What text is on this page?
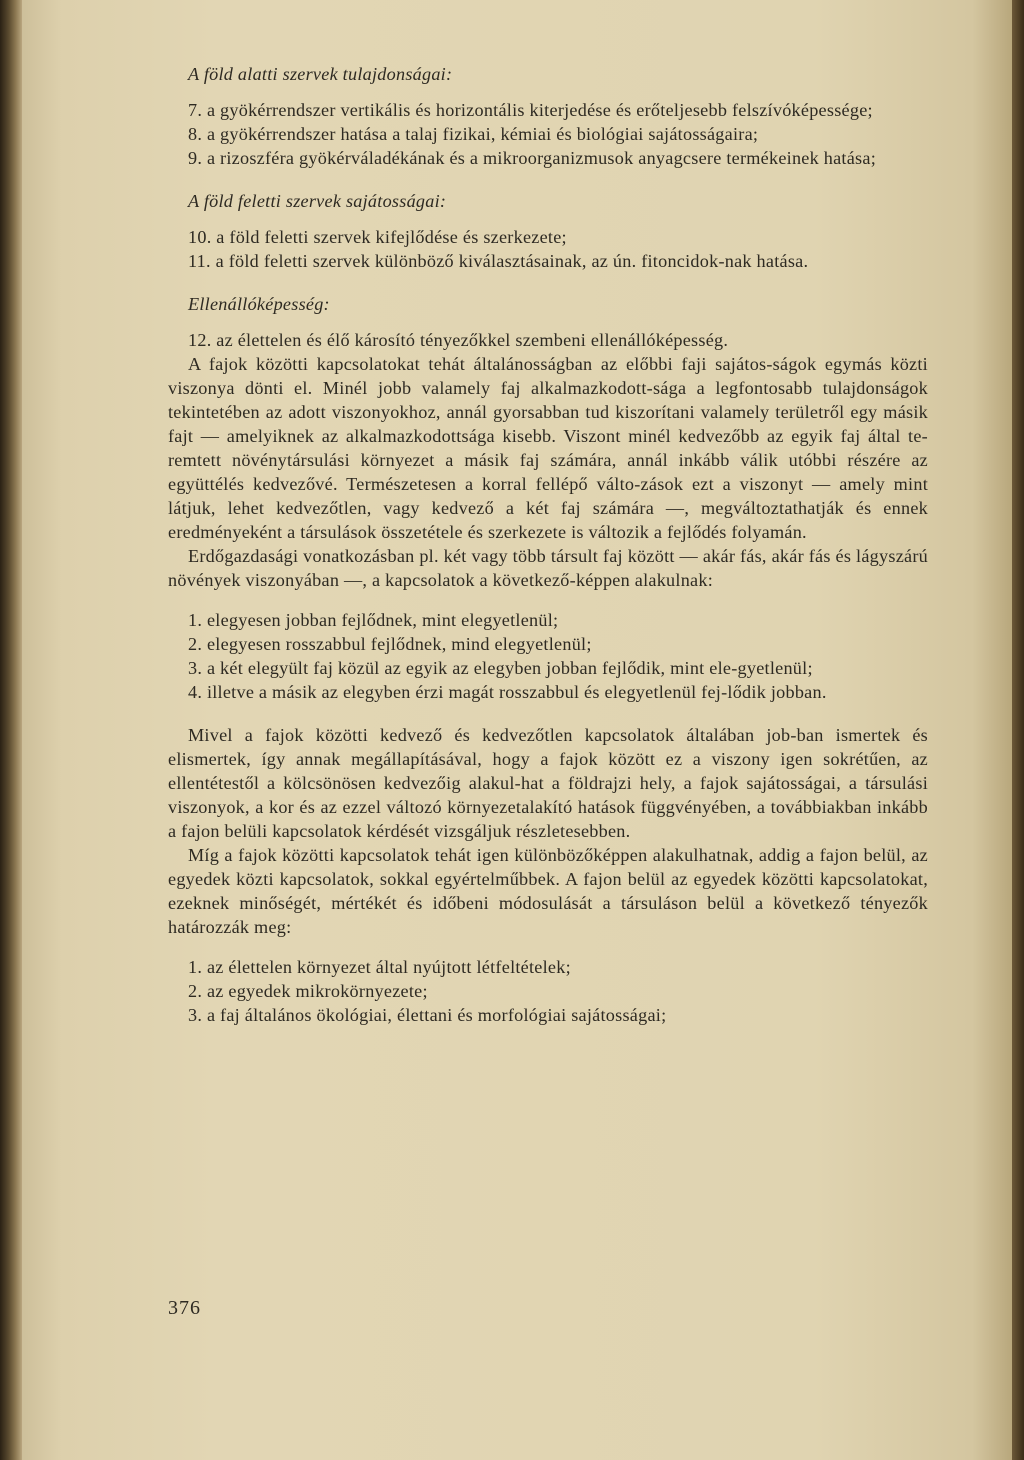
A föld alatti szervek tulajdonságai:

7. a gyökérrendszer vertikális és horizontális kiterjedése és erőteljesebb felszívóképessége;

8. a gyökérrendszer hatása a talaj fizikai, kémiai és biológiai sajátosságaira;

9. a rizoszféra gyökérváladékának és a mikroorganizmusok anyagcsere termékeinek hatása;

A föld feletti szervek sajátosságai:

10. a föld feletti szervek kifejlődése és szerkezete;

11. a föld feletti szervek különböző kiválasztásainak, az ún. fitoncidok-nak hatása.

Ellenállóképesség:

12. az élettelen és élő károsító tényezőkkel szembeni ellenállóképesség.

A fajok közötti kapcsolatokat tehát általánosságban az előbbi faji sajátos-ságok egymás közti viszonya dönti el. Minél jobb valamely faj alkalmazkodott-sága a legfontosabb tulajdonságok tekintetében az adott viszonyokhoz, annál gyorsabban tud kiszorítani valamely területről egy másik fajt — amelyiknek az alkalmazkodottsága kisebb. Viszont minél kedvezőbb az egyik faj által te-remtett növénytársulási környezet a másik faj számára, annál inkább válik utóbbi részére az együttélés kedvezővé. Természetesen a korral fellépő válto-zások ezt a viszonyt — amely mint látjuk, lehet kedvezőtlen, vagy kedvező a két faj számára —, megváltoztathatják és ennek eredményeként a társulások összetétele és szerkezete is változik a fejlődés folyamán.

Erdőgazdasági vonatkozásban pl. két vagy több társult faj között — akár fás, akár fás és lágyszárú növények viszonyában —, a kapcsolatok a következő-képpen alakulnak:

1. elegyesen jobban fejlődnek, mint elegyetlenül;

2. elegyesen rosszabbul fejlődnek, mind elegyetlenül;

3. a két elegyült faj közül az egyik az elegyben jobban fejlődik, mint ele-gyetlenül;

4. illetve a másik az elegyben érzi magát rosszabbul és elegyetlenül fej-lődik jobban.

Mivel a fajok közötti kedvező és kedvezőtlen kapcsolatok általában job-ban ismertek és elismertek, így annak megállapításával, hogy a fajok között ez a viszony igen sokrétűen, az ellentétestől a kölcsönösen kedvezőig alakul-hat a földrajzi hely, a fajok sajátosságai, a társulási viszonyok, a kor és az ezzel változó környezetalakító hatások függvényében, a továbbiakban inkább a fajon belüli kapcsolatok kérdését vizsgáljuk részletesebben.

Míg a fajok közötti kapcsolatok tehát igen különbözőképpen alakulhatnak, addig a fajon belül, az egyedek közti kapcsolatok, sokkal egyértelműbbek. A fajon belül az egyedek közötti kapcsolatokat, ezeknek minőségét, mértékét és időbeni módosulását a társuláson belül a következő tényezők határozzák meg:

1. az élettelen környezet által nyújtott létfeltételek;

2. az egyedek mikrokörnyezete;

3. a faj általános ökológiai, élettani és morfológiai sajátosságai;

376
